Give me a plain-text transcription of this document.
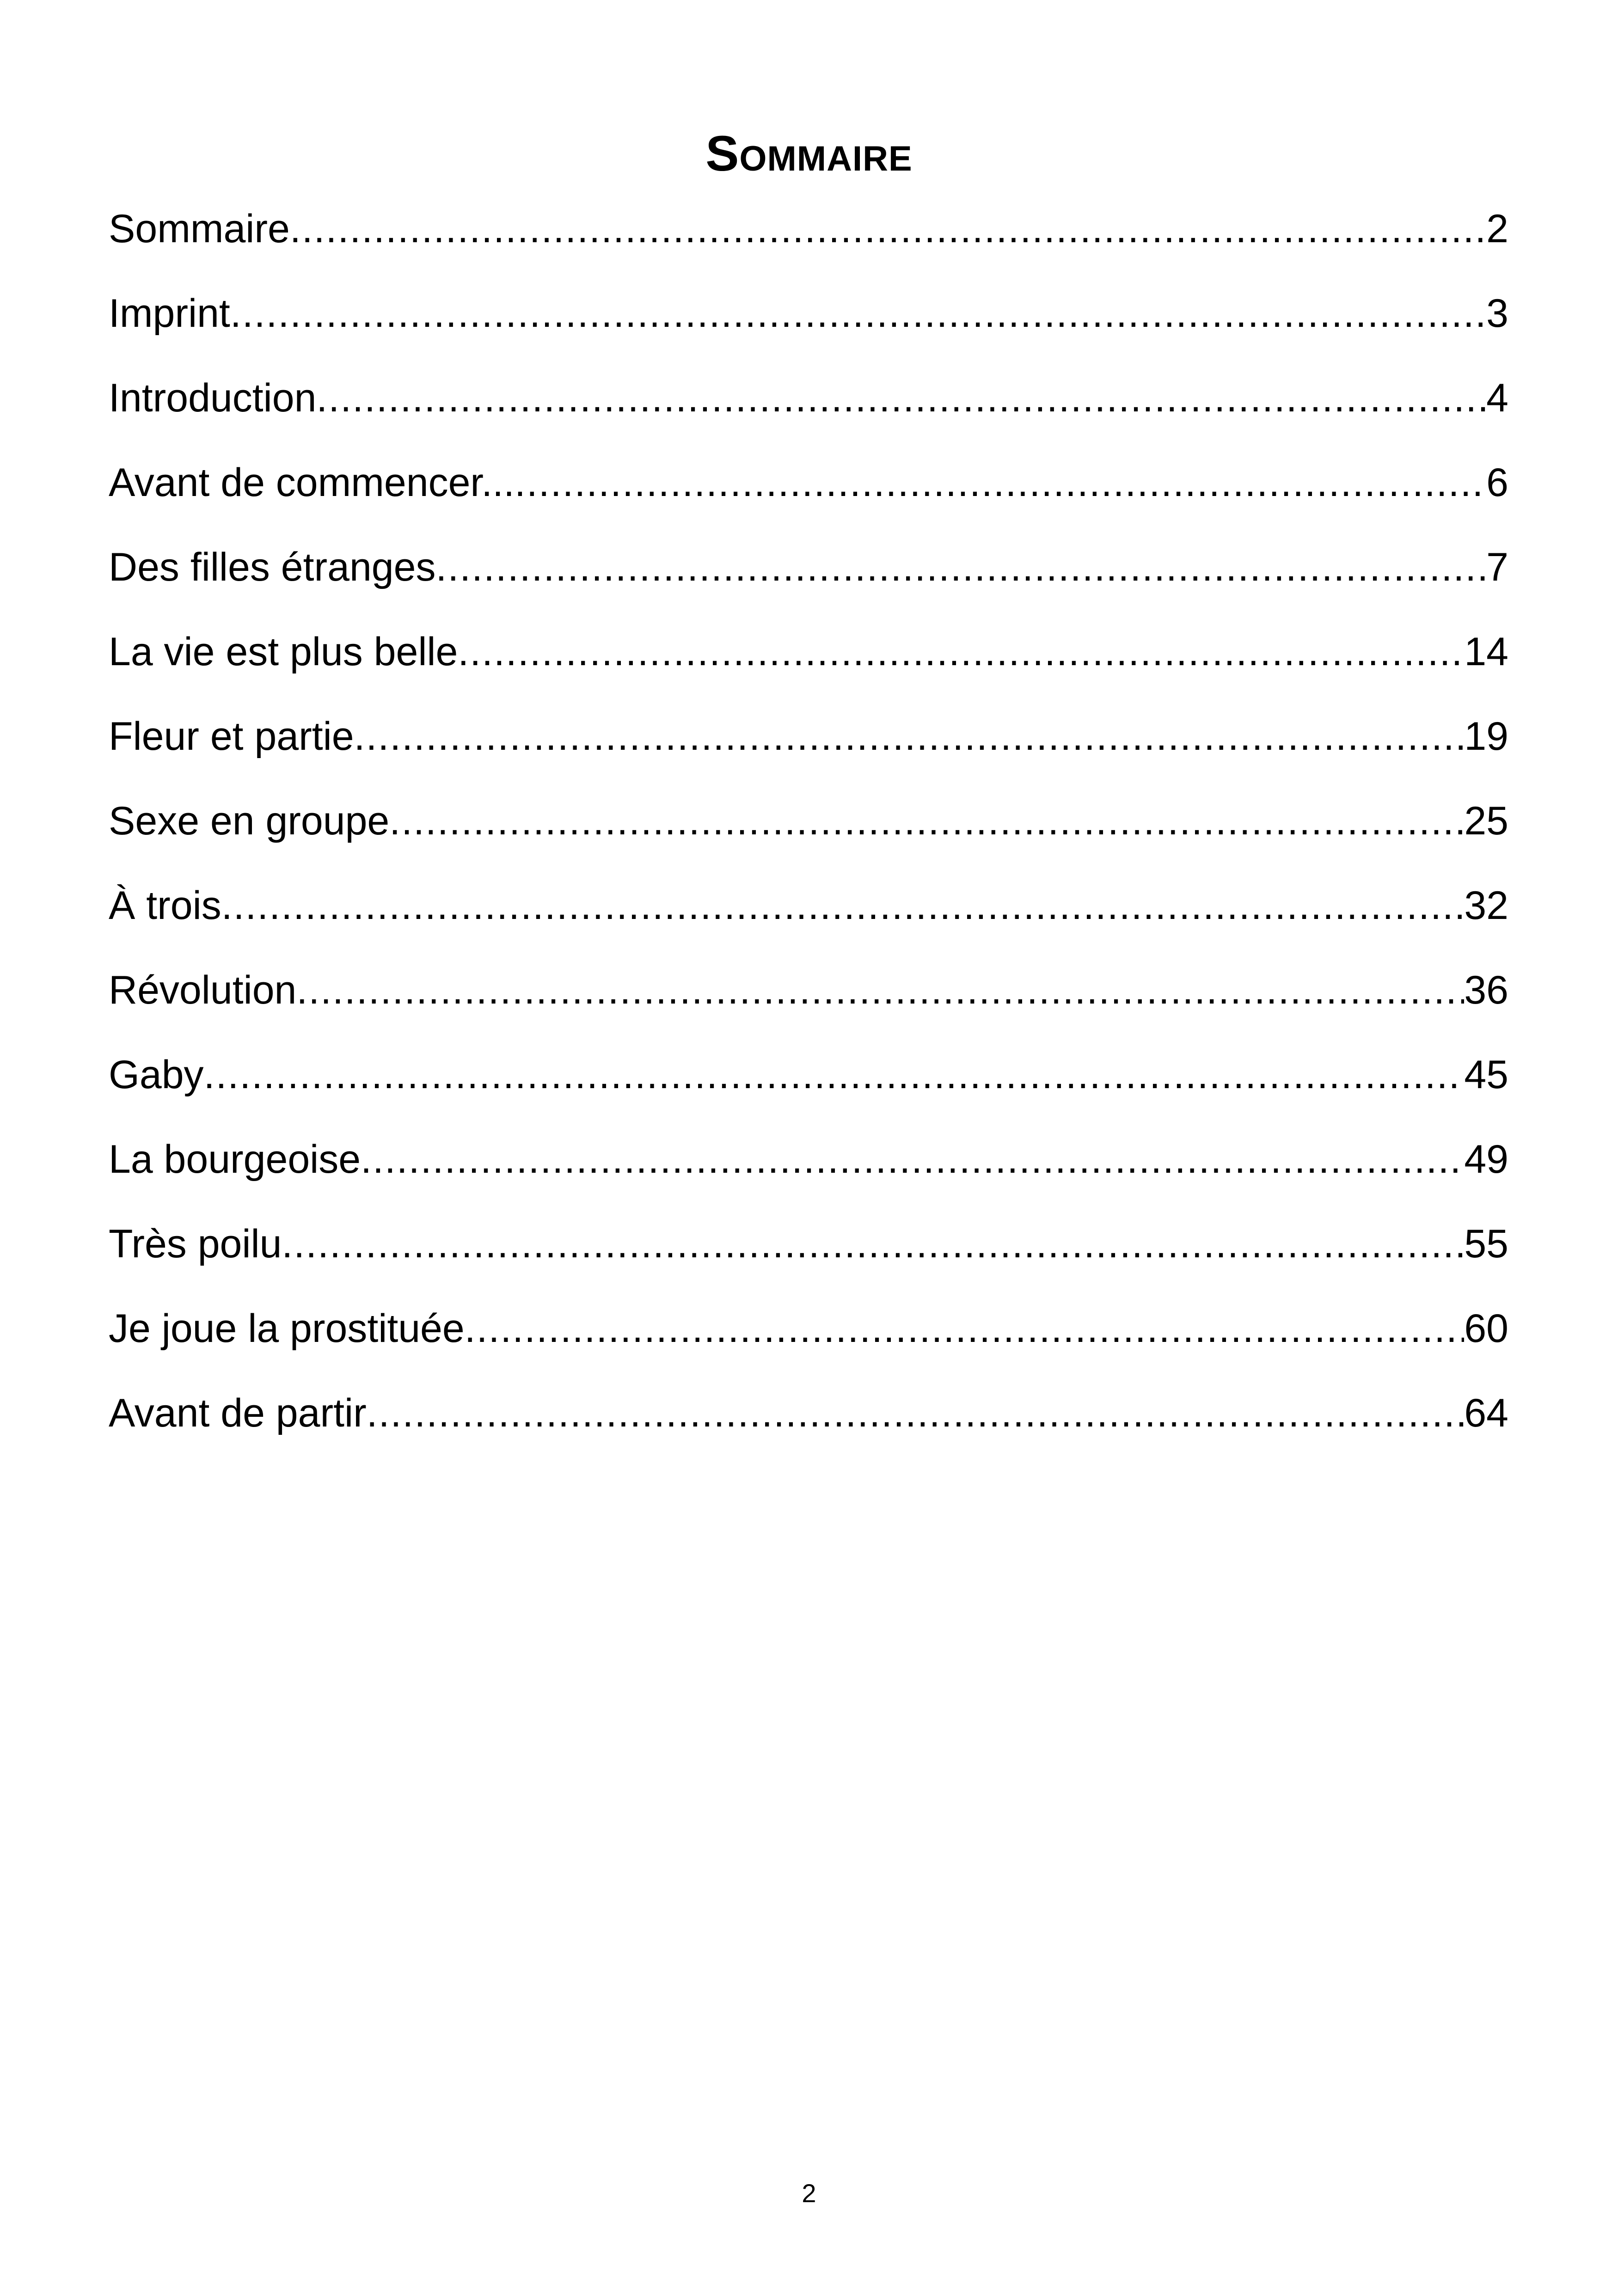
Sommaire
Sommaire .....	2
Imprint .....	3
Introduction .....	4
Avant de commencer... .....	6
Des filles étranges .....	7
La vie est plus belle .....	14
Fleur et partie .....	19
Sexe en groupe .....	25
À trois .....	32
Révolution .....	36
Gaby .....	45
La bourgeoise .....	49
Très poilu .....	55
Je joue la prostituée .....	60
Avant de partir .....	64
2
